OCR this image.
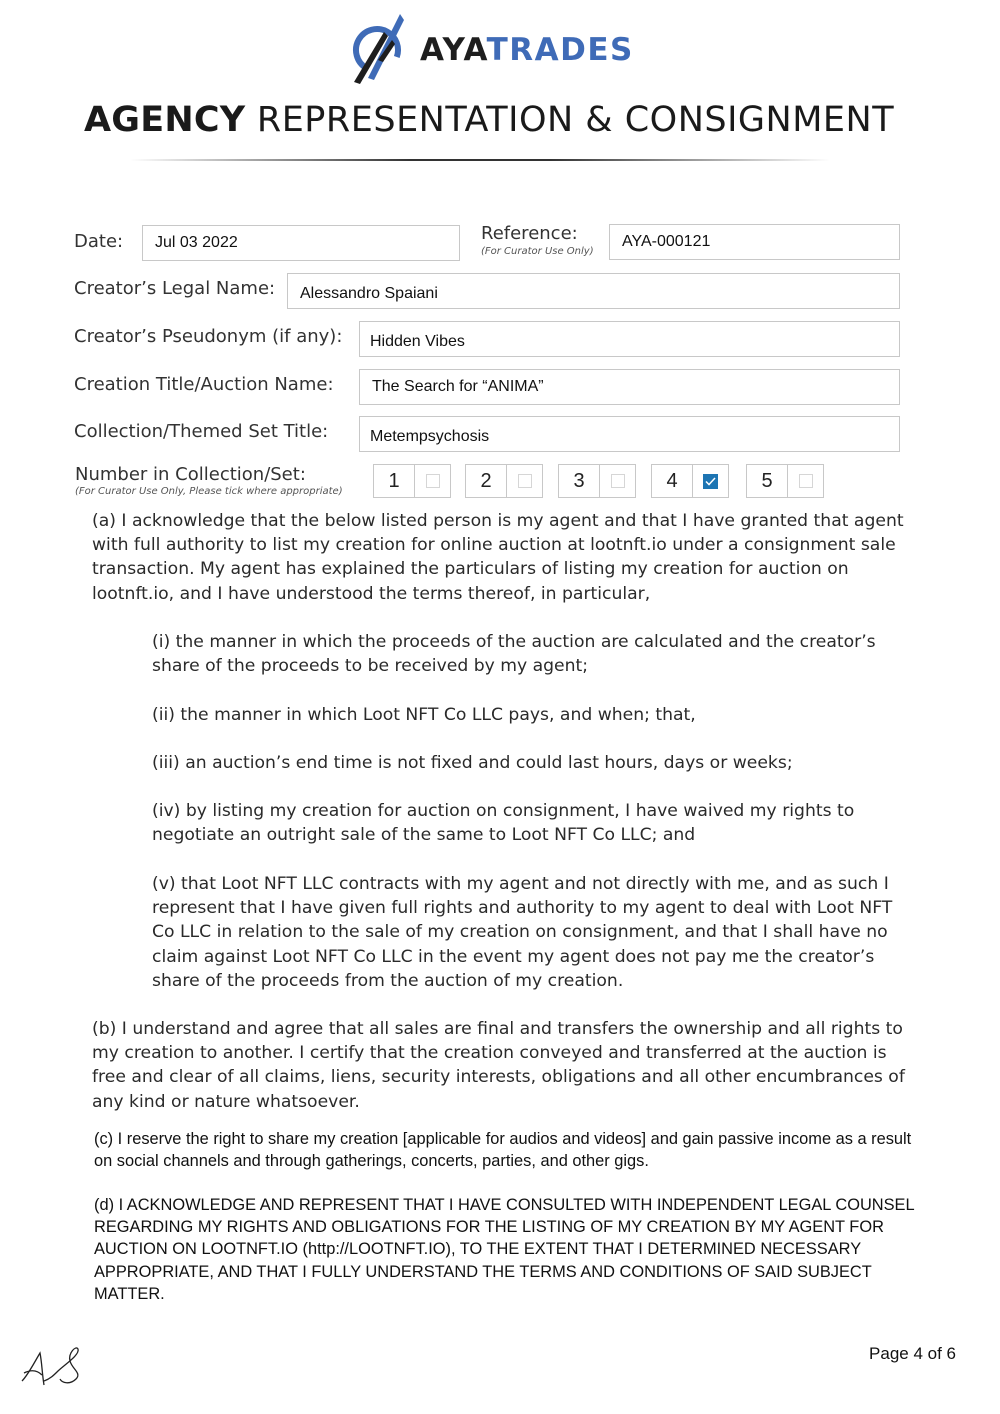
AYATRADES
AGENCY REPRESENTATION & CONSIGNMENT
Date:	Jul 03 2022	Reference:
(For Curator Use Only)
AYA-000121
Creator’s Legal Name:	Alessandro Spaiani
Creator’s Pseudonym (if any):	Hidden Vibes
Creation Title/Auction Name:	The Search for “ANIMA”
Collection/Themed Set Title:	Metempsychosis
Number in Collection/Set:
(For Curator Use Only, Please tick where appropriate)	1	2	3	4	5
(a) I acknowledge that the below listed person is my agent and that I have granted that agent with full authority to list my creation for online auction at lootnft.io under a consignment sale transaction. My agent has explained the particulars of listing my creation for auction on lootnft.io, and I have understood the terms thereof, in particular,
(i) the manner in which the proceeds of the auction are calculated and the creator’s share of the proceeds to be received by my agent;
(ii) the manner in which Loot NFT Co LLC pays, and when; that,
(iii) an auction’s end time is not fixed and could last hours, days or weeks;
(iv) by listing my creation for auction on consignment, I have waived my rights to negotiate an outright sale of the same to Loot NFT Co LLC; and
(v) that Loot NFT LLC contracts with my agent and not directly with me, and as such I represent that I have given full rights and authority to my agent to deal with Loot NFT Co LLC in relation to the sale of my creation on consignment, and that I shall have no claim against Loot NFT Co LLC in the event my agent does not pay me the creator’s share of the proceeds from the auction of my creation.
(b) I understand and agree that all sales are final and transfers the ownership and all rights to my creation to another. I certify that the creation conveyed and transferred at the auction is free and clear of all claims, liens, security interests, obligations and all other encumbrances of any kind or nature whatsoever.
(c) I reserve the right to share my creation [applicable for audios and videos] and gain passive income as a result on social channels and through gatherings, concerts, parties, and other gigs.
(d) I ACKNOWLEDGE AND REPRESENT THAT I HAVE CONSULTED WITH INDEPENDENT LEGAL COUNSEL REGARDING MY RIGHTS AND OBLIGATIONS FOR THE LISTING OF MY CREATION BY MY AGENT FOR AUCTION ON LOOTNFT.IO (http://LOOTNFT.IO), TO THE EXTENT THAT I DETERMINED NECESSARY APPROPRIATE, AND THAT I FULLY UNDERSTAND THE TERMS AND CONDITIONS OF SAID SUBJECT MATTER.
Page 4 of 6
